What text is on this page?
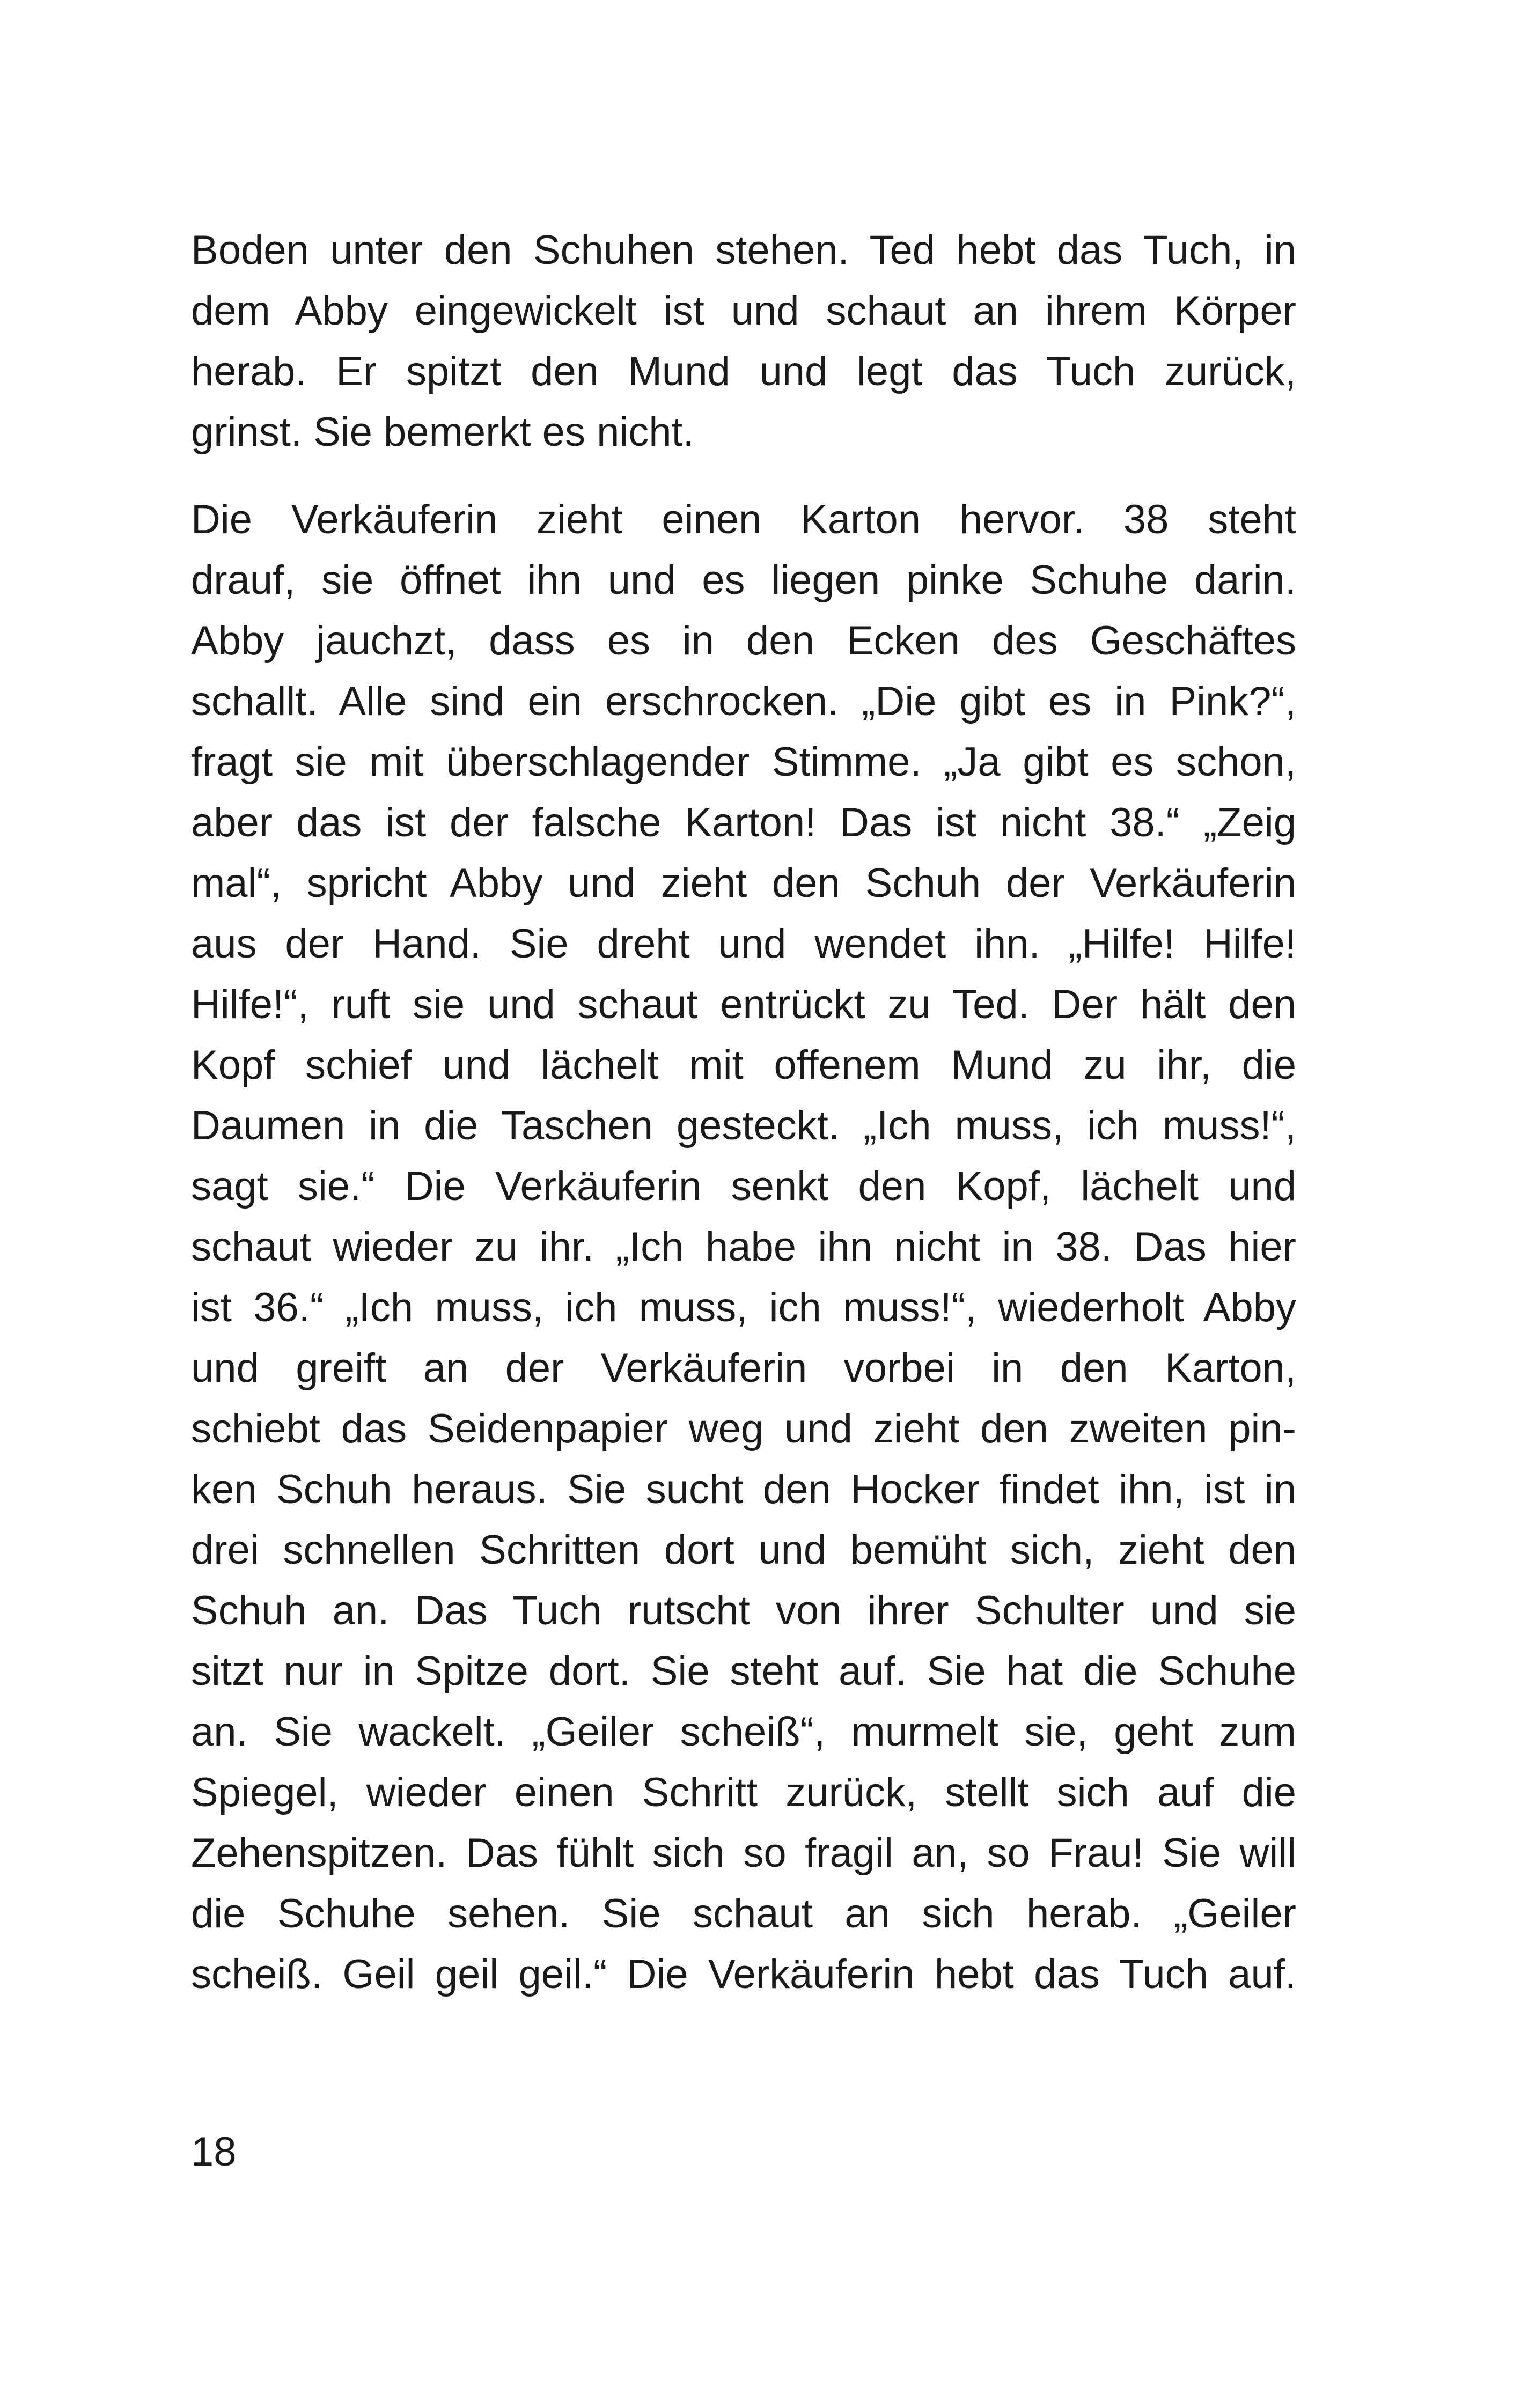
Boden unter den Schuhen stehen. Ted hebt das Tuch, in
dem Abby eingewickelt ist und schaut an ihrem Körper
herab. Er spitzt den Mund und legt das Tuch zurück,
grinst. Sie bemerkt es nicht.
Die Verkäuferin zieht einen Karton hervor. 38 steht
drauf, sie öffnet ihn und es liegen pinke Schuhe darin.
Abby jauchzt, dass es in den Ecken des Geschäftes
schallt. Alle sind ein erschrocken. „Die gibt es in Pink?“,
fragt sie mit überschlagender Stimme. „Ja gibt es schon,
aber das ist der falsche Karton! Das ist nicht 38.“ „Zeig
mal“, spricht Abby und zieht den Schuh der Verkäuferin
aus der Hand. Sie dreht und wendet ihn. „Hilfe! Hilfe!
Hilfe!“, ruft sie und schaut entrückt zu Ted. Der hält den
Kopf schief und lächelt mit offenem Mund zu ihr, die
Daumen in die Taschen gesteckt. „Ich muss, ich muss!“,
sagt sie.“ Die Verkäuferin senkt den Kopf, lächelt und
schaut wieder zu ihr. „Ich habe ihn nicht in 38. Das hier
ist 36.“ „Ich muss, ich muss, ich muss!“, wiederholt Abby
und greift an der Verkäuferin vorbei in den Karton,
schiebt das Seidenpapier weg und zieht den zweiten pin-
ken Schuh heraus. Sie sucht den Hocker findet ihn, ist in
drei schnellen Schritten dort und bemüht sich, zieht den
Schuh an. Das Tuch rutscht von ihrer Schulter und sie
sitzt nur in Spitze dort. Sie steht auf. Sie hat die Schuhe
an. Sie wackelt. „Geiler scheiß“, murmelt sie, geht zum
Spiegel, wieder einen Schritt zurück, stellt sich auf die
Zehenspitzen. Das fühlt sich so fragil an, so Frau! Sie will
die Schuhe sehen. Sie schaut an sich herab. „Geiler
scheiß. Geil geil geil.“ Die Verkäuferin hebt das Tuch auf.
18
